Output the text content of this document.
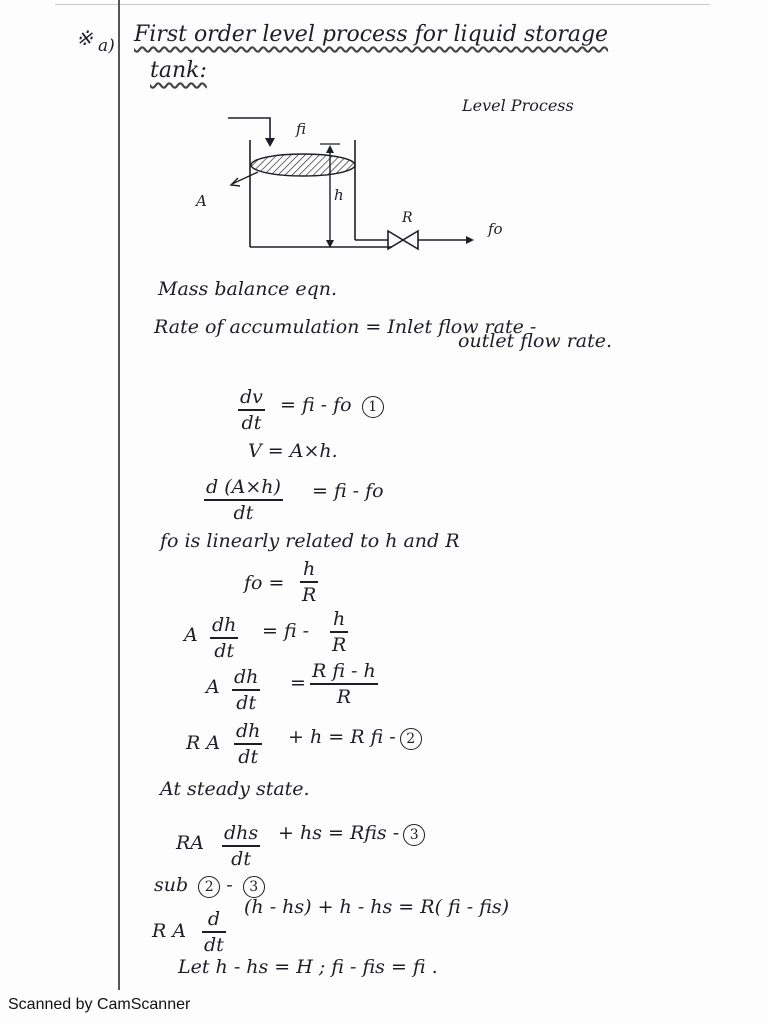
※ a) First order level process for liquid storage
tank:
Level Process
fi
h
A
R
fo
Mass balance eqn.
Rate of accumulation = Inlet flow rate -
outlet flow rate.
dv
dt
= fi - fo 1
V = A×h.
d (A×h)
dt
= fi - fo
fo is linearly related to h and R
fo =
h
R
A dh
dt
= fi -
h
R
A dh
dt
=
R fi - h
R
R A
dh
dt
+ h = R fi - 2
At steady state.
RA dhs
dt
+ hs = Rfis - 3
sub 2 - 3
R A
d
dt
(h - hs) + h - hs = R( fi - fis)
Let h - hs = H ; fi - fis = fi .
Scanned by CamScanner
